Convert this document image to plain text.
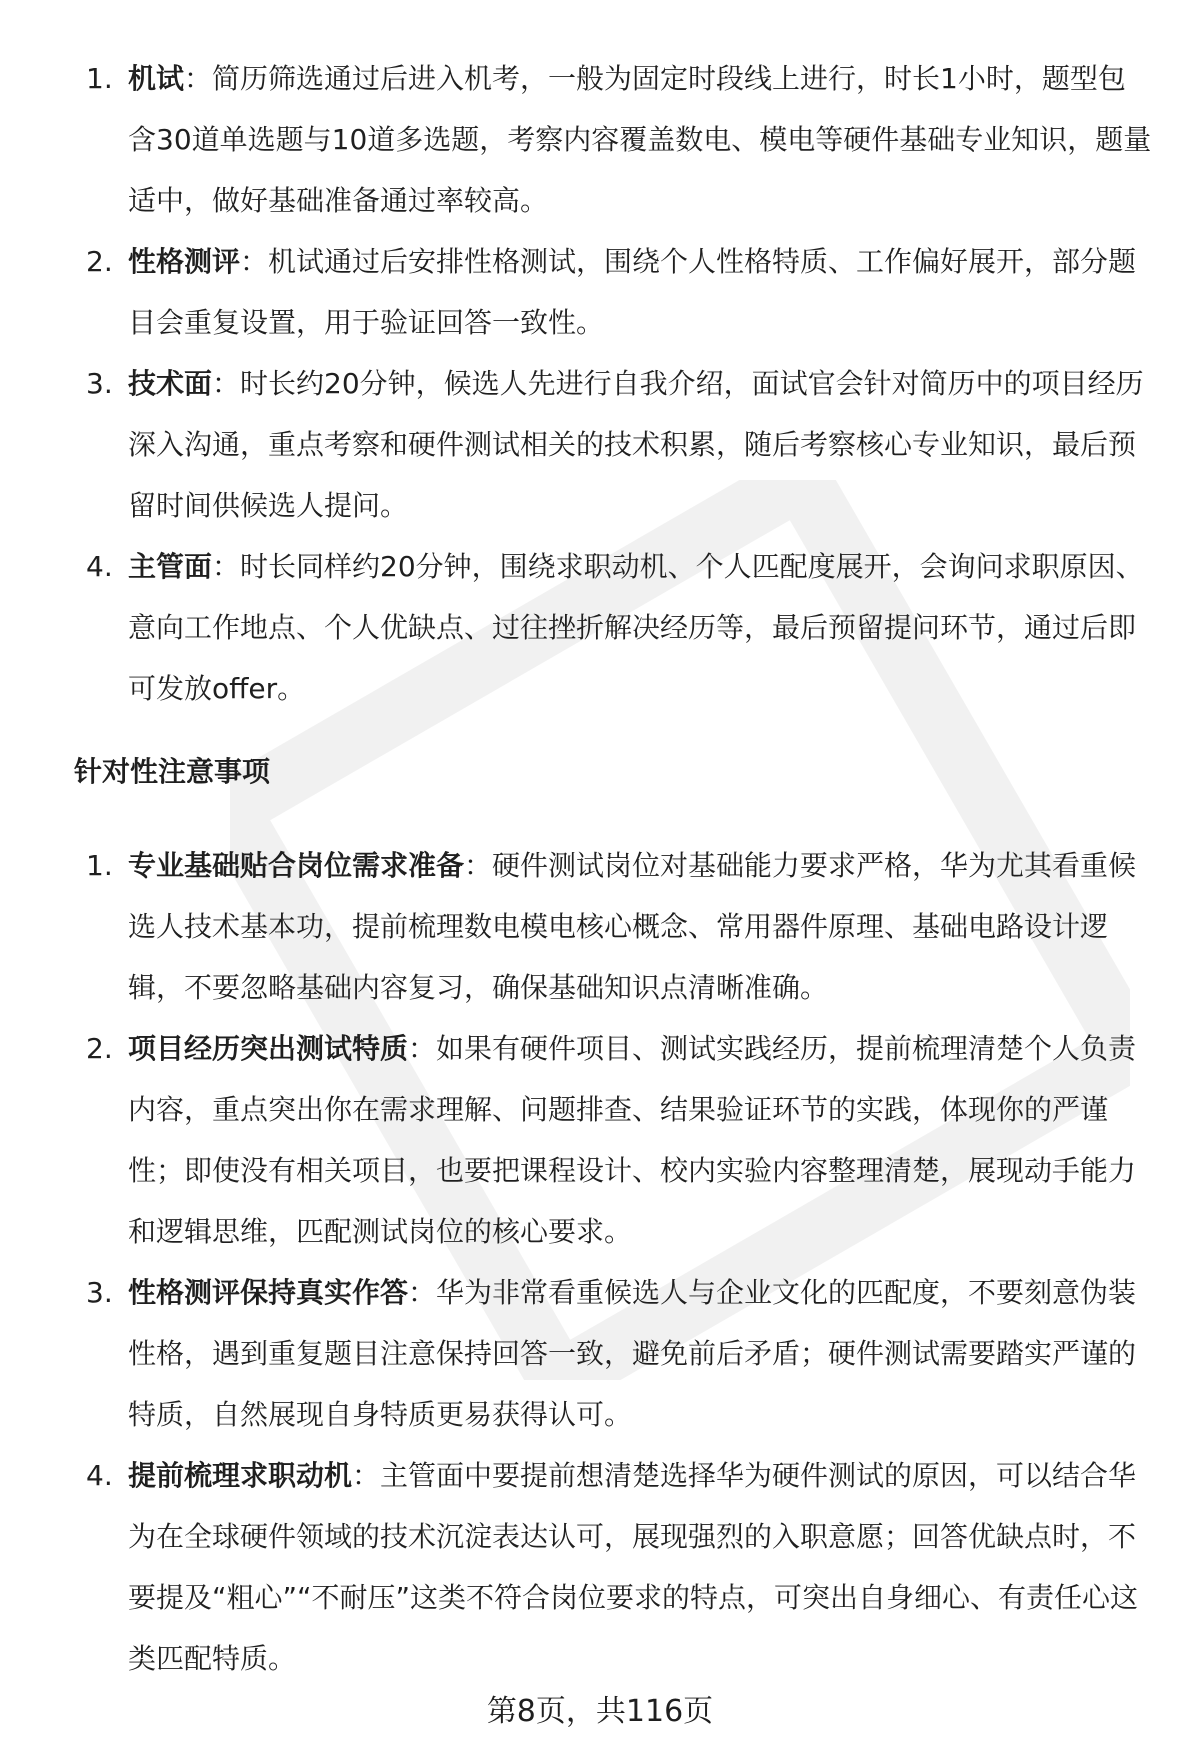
1. 机试：简历筛选通过后进入机考，一般为固定时段线上进行，时长1小时，题型包含30道单选题与10道多选题，考察内容覆盖数电、模电等硬件基础专业知识，题量适中，做好基础准备通过率较高。
2. 性格测评：机试通过后安排性格测试，围绕个人性格特质、工作偏好展开，部分题目会重复设置，用于验证回答一致性。
3. 技术面：时长约20分钟，候选人先进行自我介绍，面试官会针对简历中的项目经历深入沟通，重点考察和硬件测试相关的技术积累，随后考察核心专业知识，最后预留时间供候选人提问。
4. 主管面：时长同样约20分钟，围绕求职动机、个人匹配度展开，会询问求职原因、意向工作地点、个人优缺点、过往挫折解决经历等，最后预留提问环节，通过后即可发放offer。
针对性注意事项
1. 专业基础贴合岗位需求准备：硬件测试岗位对基础能力要求严格，华为尤其看重候选人技术基本功，提前梳理数电模电核心概念、常用器件原理、基础电路设计逻辑，不要忽略基础内容复习，确保基础知识点清晰准确。
2. 项目经历突出测试特质：如果有硬件项目、测试实践经历，提前梳理清楚个人负责内容，重点突出你在需求理解、问题排查、结果验证环节的实践，体现你的严谨性；即使没有相关项目，也要把课程设计、校内实验内容整理清楚，展现动手能力和逻辑思维，匹配测试岗位的核心要求。
3. 性格测评保持真实作答：华为非常看重候选人与企业文化的匹配度，不要刻意伪装性格，遇到重复题目注意保持回答一致，避免前后矛盾；硬件测试需要踏实严谨的特质，自然展现自身特质更易获得认可。
4. 提前梳理求职动机：主管面中要提前想清楚选择华为硬件测试的原因，可以结合华为在全球硬件领域的技术沉淀表达认可，展现强烈的入职意愿；回答优缺点时，不要提及“粗心”“不耐压”这类不符合岗位要求的特点，可突出自身细心、有责任心这类匹配特质。
第8页，共116页
